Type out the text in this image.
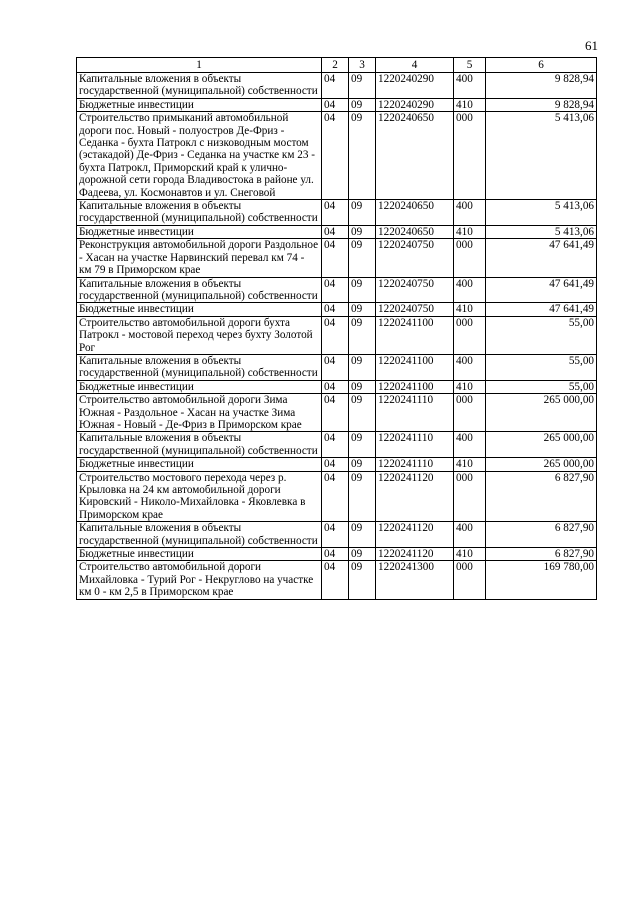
61
1	2	3	4	5	6
Капитальные вложения в объекты государственной (муниципальной) собственности	04	09	1220240290	400	9 828,94
Бюджетные инвестиции	04	09	1220240290	410	9 828,94
Строительство примыканий автомобильной дороги пос. Новый - полуостров Де-Фриз - Седанка - бухта Патрокл с низководным мостом (эстакадой) Де-Фриз - Седанка на участке км 23 - бухта Патрокл, Приморский край к улично-дорожной сети города Владивостока в районе ул. Фадеева, ул. Космонавтов и ул. Снеговой	04	09	1220240650	000	5 413,06
Капитальные вложения в объекты государственной (муниципальной) собственности	04	09	1220240650	400	5 413,06
Бюджетные инвестиции	04	09	1220240650	410	5 413,06
Реконструкция автомобильной дороги Раздольное - Хасан на участке Нарвинский перевал км 74 - км 79 в Приморском крае	04	09	1220240750	000	47 641,49
Капитальные вложения в объекты государственной (муниципальной) собственности	04	09	1220240750	400	47 641,49
Бюджетные инвестиции	04	09	1220240750	410	47 641,49
Строительство автомобильной дороги бухта Патрокл - мостовой переход через бухту Золотой Рог	04	09	1220241100	000	55,00
Капитальные вложения в объекты государственной (муниципальной) собственности	04	09	1220241100	400	55,00
Бюджетные инвестиции	04	09	1220241100	410	55,00
Строительство автомобильной дороги Зима Южная - Раздольное - Хасан на участке Зима Южная - Новый - Де-Фриз в Приморском крае	04	09	1220241110	000	265 000,00
Капитальные вложения в объекты государственной (муниципальной) собственности	04	09	1220241110	400	265 000,00
Бюджетные инвестиции	04	09	1220241110	410	265 000,00
Строительство мостового перехода через р. Крыловка на 24 км автомобильной дороги Кировский - Николо-Михайловка - Яковлевка в Приморском крае	04	09	1220241120	000	6 827,90
Капитальные вложения в объекты государственной (муниципальной) собственности	04	09	1220241120	400	6 827,90
Бюджетные инвестиции	04	09	1220241120	410	6 827,90
Строительство автомобильной дороги Михайловка - Турий Рог - Некруглово на участке км 0 - км 2,5 в Приморском крае	04	09	1220241300	000	169 780,00
